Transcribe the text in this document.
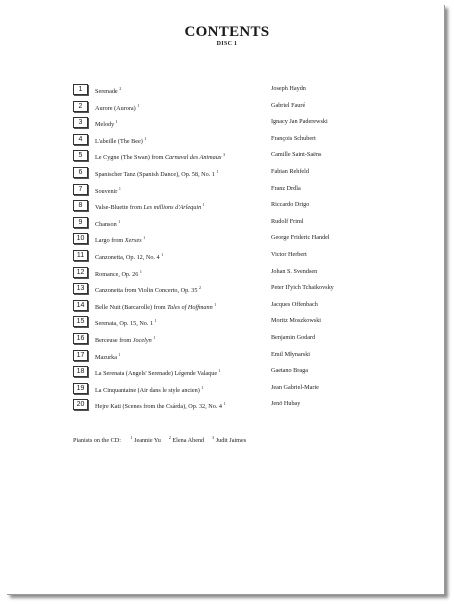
CONTENTS
DISC 1
1	Serenade $^2$	Joseph Haydn
2	Aurore (Aurora) $^1$	Gabriel Fauré
3	Melody $^1$	Ignacy Jan Paderewski
4	L'abeille (The Bee) $^1$	François Schubert
5	Le Cygne (The Swan) from Carnaval des Animaux $^3$	Camille Saint-Saëns
6	Spanischer Tanz (Spanish Dance), Op. 58, No. 1 $^1$	Fabian Rehfeld
7	Souvenir $^1$	Franz Drdla
8	Valse-Bluette from Les millions d'Arlequin $^1$	Riccardo Drigo
9	Chanson $^1$	Rudolf Friml
10	Largo from Xerxes $^1$	George Frideric Handel
11	Canzonetta, Op. 12, No. 4 $^1$	Victor Herbert
12	Romance, Op. 26 $^1$	Johan S. Svendsen
13	Canzonetta from Violin Concerto, Op. 35 $^2$	Peter Il'yich Tchaikovsky
14	Belle Nuit (Barcarolle) from Tales of Hoffmann $^1$	Jacques Offenbach
15	Serenata, Op. 15, No. 1 $^1$	Moritz Moszkowski
16	Berceuse from Jocelyn $^1$	Benjamin Godard
17	Mazurka $^1$	Emil Młynarski
18	La Serenata (Angels' Serenade) Légende Valaque $^1$	Gaetano Braga
19	La Cinquantaine (Air dans le style ancien) $^1$	Jean Gabriel-Marie
20	Hejre Kati (Scenes from the Csárda), Op. 32, No. 4 $^1$	Jenö Hubay
Pianists on the CD: $^1$ Jeannie Yu $^2$ Elena Abend $^3$ Judit Jaimes
